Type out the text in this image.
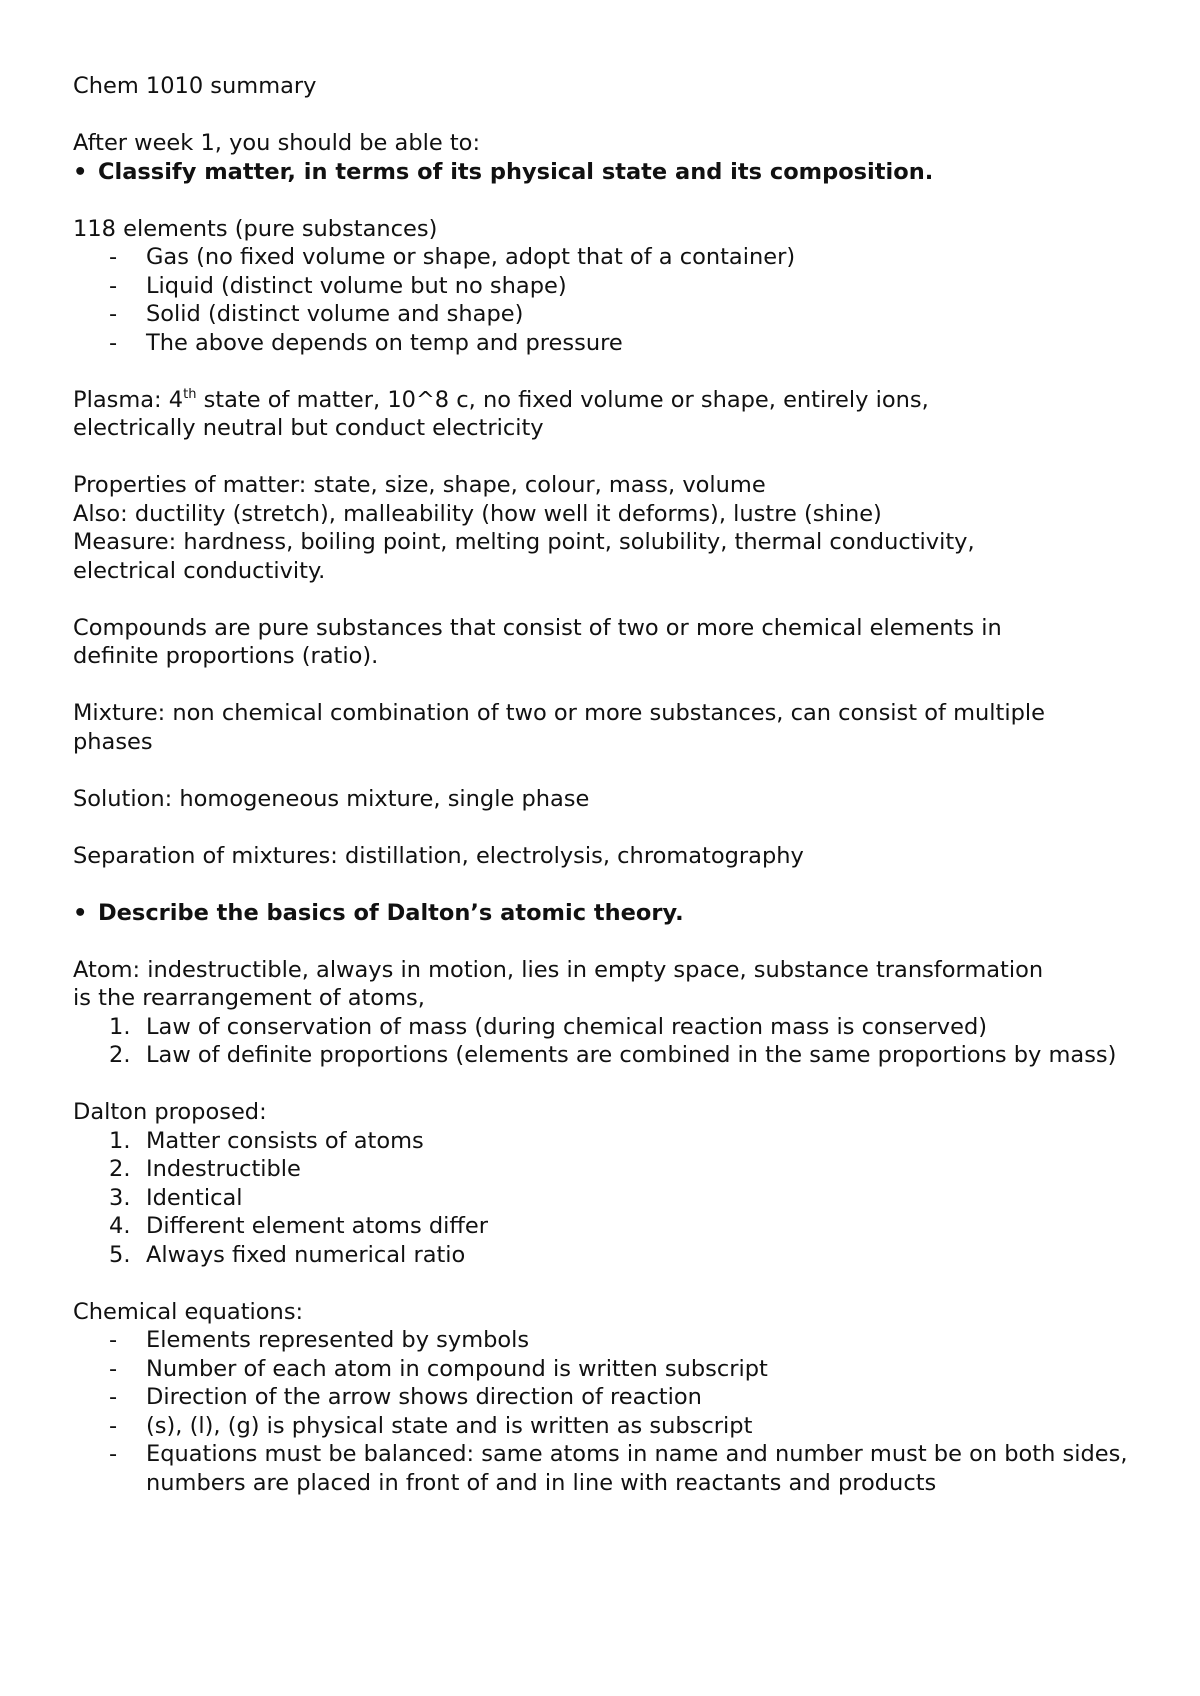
Chem 1010 summary

After week 1, you should be able to:

• Classify matter, in terms of its physical state and its composition.

118 elements (pure substances)

-	Gas (no fixed volume or shape, adopt that of a container)
-	Liquid (distinct volume but no shape)
-	Solid (distinct volume and shape)
-	The above depends on temp and pressure

Plasma: 4th state of matter, 10^8 c, no fixed volume or shape, entirely ions,

electrically neutral but conduct electricity

Properties of matter: state, size, shape, colour, mass, volume

Also: ductility (stretch), malleability (how well it deforms), lustre (shine)

Measure: hardness, boiling point, melting point, solubility, thermal conductivity,

electrical conductivity.

Compounds are pure substances that consist of two or more chemical elements in

definite proportions (ratio).

Mixture: non chemical combination of two or more substances, can consist of multiple

phases

Solution: homogeneous mixture, single phase

Separation of mixtures: distillation, electrolysis, chromatography

• Describe the basics of Dalton’s atomic theory.

Atom: indestructible, always in motion, lies in empty space, substance transformation

is the rearrangement of atoms,

1. Law of conservation of mass (during chemical reaction mass is conserved)
2. Law of definite proportions (elements are combined in the same proportions by mass)

Dalton proposed:

1. Matter consists of atoms
2. Indestructible
3. Identical
4. Different element atoms differ
5. Always fixed numerical ratio

Chemical equations:

-	Elements represented by symbols
-	Number of each atom in compound is written subscript
-	Direction of the arrow shows direction of reaction
-	(s), (l), (g) is physical state and is written as subscript
-	Equations must be balanced: same atoms in name and number must be on both sides, numbers are placed in front of and in line with reactants and products
